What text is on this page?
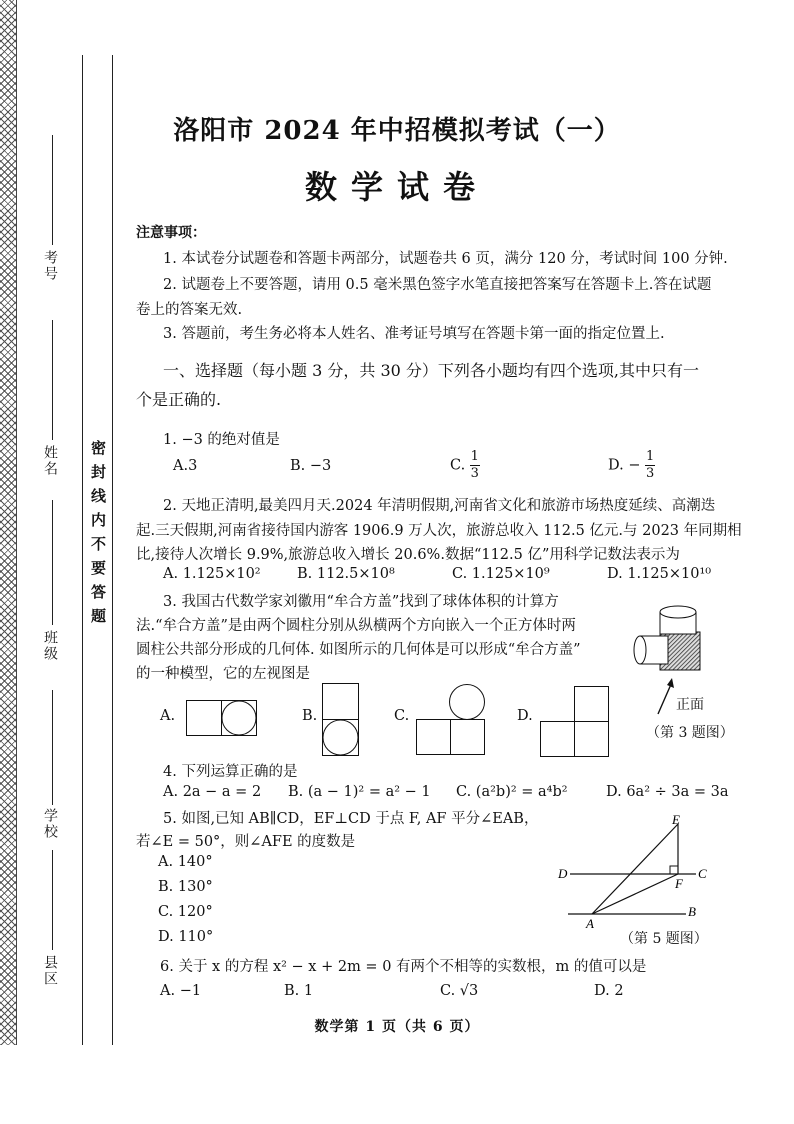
考号
姓名
班级
学校
县区
密封线内不要答题
洛阳市 2024 年中招模拟考试（一）
数学试卷
注意事项：
1. 本试卷分试题卷和答题卡两部分，试题卷共 6 页，满分 120 分，考试时间 100 分钟.
2. 试题卷上不要答题，请用 0.5 毫米黑色签字水笔直接把答案写在答题卡上.答在试题
卷上的答案无效.
3. 答题前，考生务必将本人姓名、准考证号填写在答题卡第一面的指定位置上.
一、选择题（每小题 3 分，共 30 分）下列各小题均有四个选项,其中只有一
个是正确的.
1. −3 的绝对值是
A.3	B. −3	C. $\frac{1}{3}$	D. − $\frac{1}{3}$
2. 天地正清明,最美四月天.2024 年清明假期,河南省文化和旅游市场热度延续、高潮迭
起.三天假期,河南省接待国内游客 1906.9 万人次，旅游总收入 112.5 亿元.与 2023 年同期相
比,接待人次增长 9.9%,旅游总收入增长 20.6%.数据“112.5 亿”用科学记数法表示为
A. 1.125×10²	B. 112.5×10⁸	C. 1.125×10⁹	D. 1.125×10¹⁰
3. 我国古代数学家刘徽用“牟合方盖”找到了球体体积的计算方
法.“牟合方盖”是由两个圆柱分别从纵横两个方向嵌入一个正方体时两
圆柱公共部分形成的几何体. 如图所示的几何体是可以形成“牟合方盖”
的一种模型，它的左视图是
正面
（第 3 题图）
A.	B.	C.	D.
4. 下列运算正确的是
A. 2a − a = 2 B. (a − 1)² = a² − 1 C. (a²b)² = a⁴b²	D. 6a² ÷ 3a = 3a
5. 如图,已知 AB∥CD，EF⊥CD 于点 F, AF 平分∠EAB，
若∠E = 50°，则∠AFE 的度数是
A. 140°
B. 130°
C. 120°
D. 110°
E
D	C
F
A
B
（第 5 题图）
6. 关于 x 的方程 x² − x + 2m = 0 有两个不相等的实数根，m 的值可以是
A. −1	B. 1	C. √3	D. 2
数学第 1 页（共 6 页）
